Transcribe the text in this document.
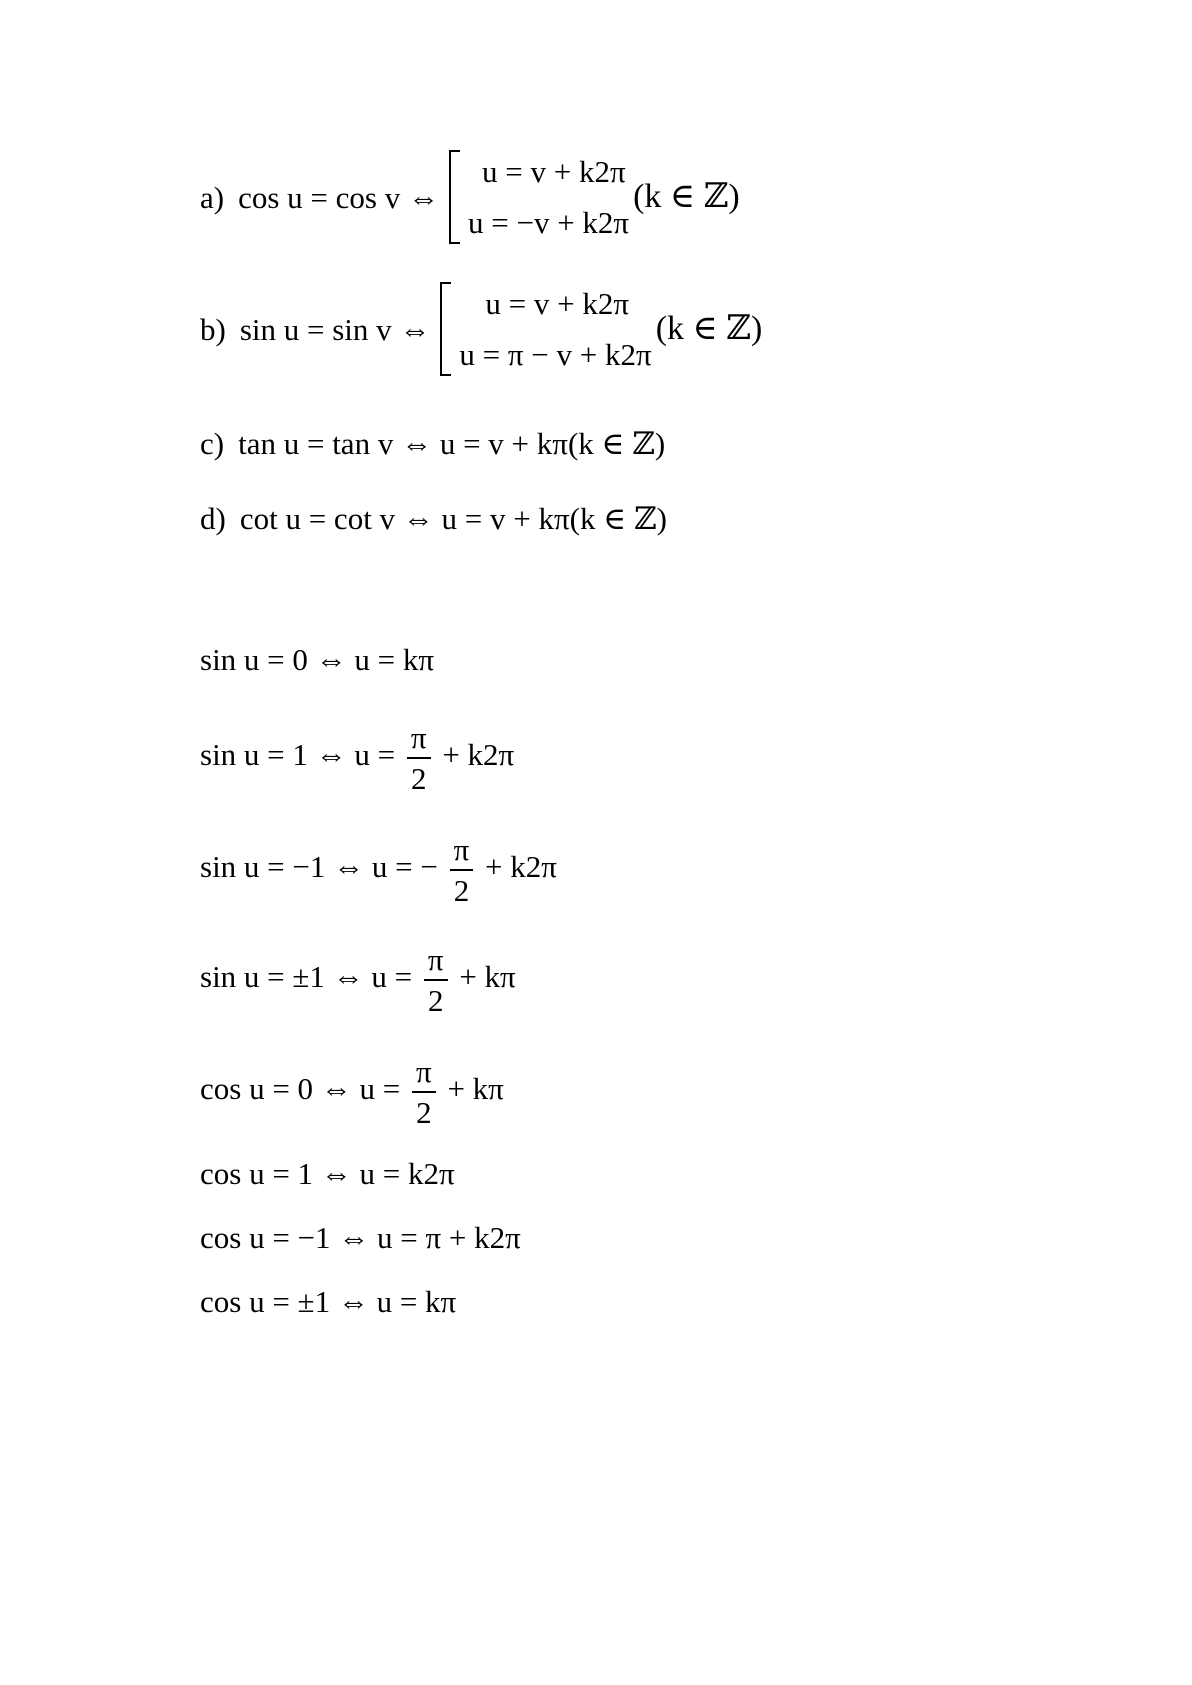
a) cos u = cos v ⇔
u = v + k2π
u = −v + k2π
(k ∈ ℤ)
b) sin u = sin v ⇔
u = v + k2π
u = π − v + k2π
(k ∈ ℤ)
c) tan u = tan v ⇔ u = v + kπ(k ∈ ℤ)
d) cot u = cot v ⇔ u = v + kπ(k ∈ ℤ)
sin u = 0 ⇔ u = kπ
sin u = 1 ⇔ $u = \frac{\pi}{2} + k2\pi$
sin u = −1 ⇔ u = − $\frac{\pi}{2} + k2\pi$
sin u = ±1 ⇔ $u = \frac{\pi}{2} + k\pi$
cos u = 0 ⇔ $u = \frac{\pi}{2} + k\pi$
cos u = 1 ⇔ u = k2π
cos u = −1 ⇔ u = π + k2π
cos u = ±1 ⇔ u = kπ
